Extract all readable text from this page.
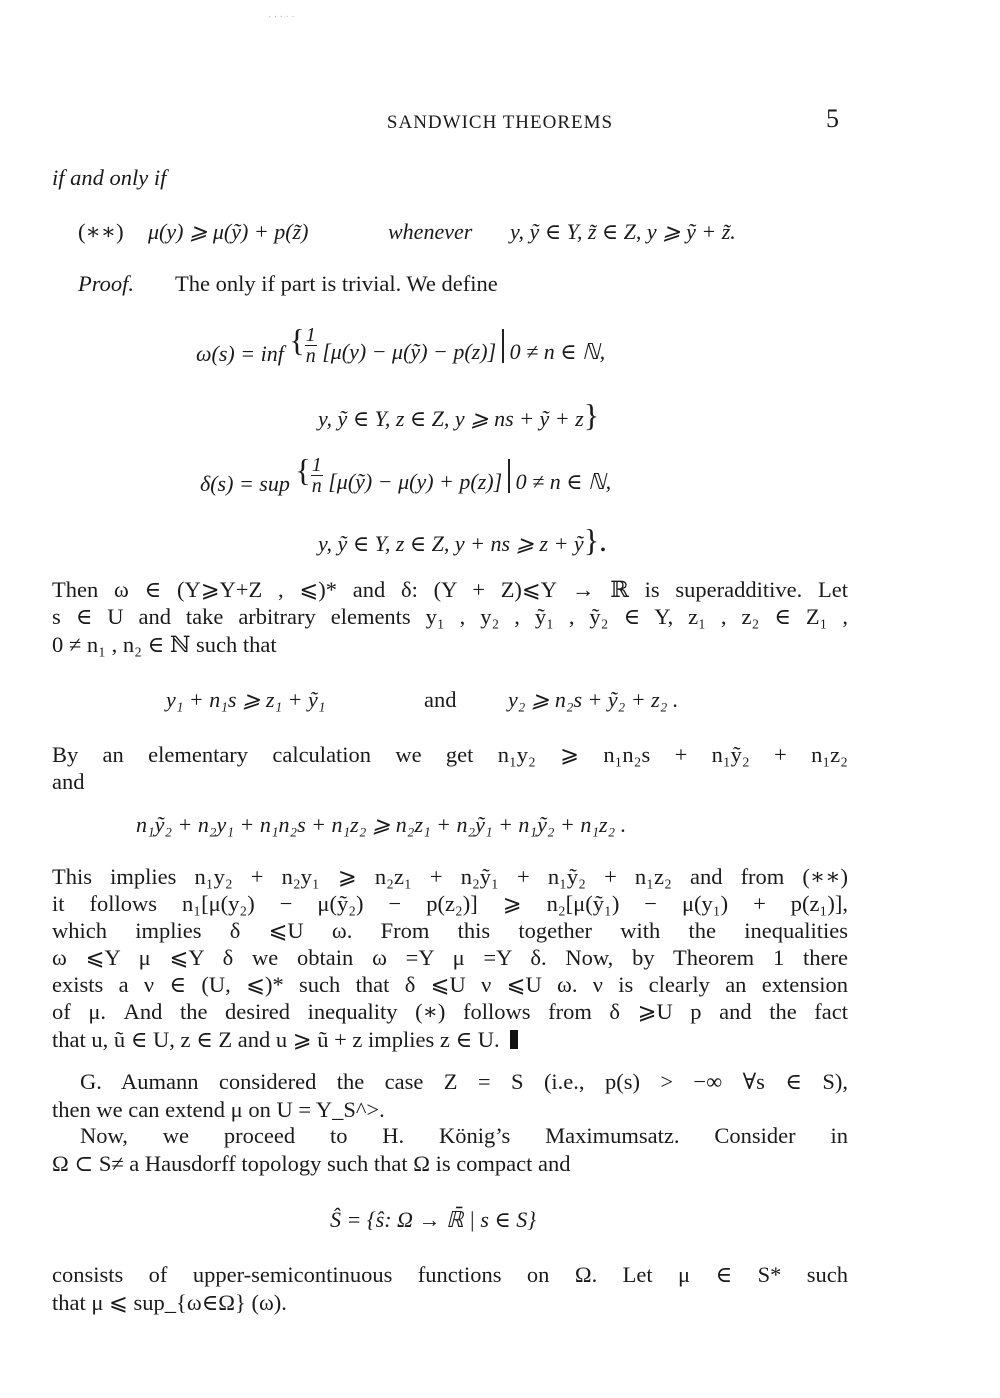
· · · · ·
SANDWICH THEOREMS	5
if and only if
(∗∗) μ(y) ⩾ μ(ỹ) + p(z̃)	whenever y, ỹ ∈ Y, z̃ ∈ Z, y ⩾ ỹ + z̃.
Proof. The only if part is trivial. We define
ω(s) = inf { $\frac{1}{n} [\mu(y)$ − μ(ỹ) − p(z)] 0 ≠ n ∈ ℕ,
y, ỹ ∈ Y, z ∈ Z, y ⩾ ns + ỹ + z}
δ(s) = sup { $\frac{1}{n}$ [μ(ỹ) − μ(y) + p(z)] 0 ≠ n ∈ ℕ,
y, ỹ ∈ Y, z ∈ Z, y + ns ⩾ z + ỹ}.
Then ω ∈ (Y⩾Y+Z , ⩽)* and δ: (Y + Z)⩽Y → ℝ is superadditive. Let
s ∈ U and take arbitrary elements y₁ , y₂ , ỹ₁ , ỹ₂ ∈ Y, z₁ , z₂ ∈ Z₁ ,
0 ≠ n₁ , n₂ ∈ ℕ such that
y₁ + n₁s ⩾ z₁ + ỹ₁	and y₂ ⩾ n₂s + ỹ₂ + z₂ .
By an elementary calculation we get n₁y₂ ⩾ n₁n₂s + n₁ỹ₂ + n₁z₂
and
n₁ỹ₂ + n₂y₁ + n₁n₂s + n₁z₂ ⩾ n₂z₁ + n₂ỹ₁ + n₁ỹ₂ + n₁z₂ .
This implies n₁y₂ + n₂y₁ ⩾ n₂z₁ + n₂ỹ₁ + n₁ỹ₂ + n₁z₂ and from (∗∗)
it follows n₁[μ(y₂) − μ(ỹ₂) − p(z₂)] ⩾ n₂[μ(ỹ₁) − μ(y₁) + p(z₁)],
which implies δ ⩽U ω. From this together with the inequalities
ω ⩽Y μ ⩽Y δ we obtain ω =Y μ =Y δ. Now, by Theorem 1 there
exists a ν ∈ (U, ⩽)* such that δ ⩽U ν ⩽U ω. ν is clearly an extension
of μ. And the desired inequality (∗) follows from δ ⩾U p and the fact
that u, ũ ∈ U, z ∈ Z and u ⩾ ũ + z implies z ∈ U.
G. Aumann considered the case Z = S (i.e., p(s) > −∞ ∀s ∈ S),
then we can extend μ on U = Y_S^>.
Now, we proceed to H. König’s Maximumsatz. Consider in
Ω ⊂ S≠ a Hausdorff topology such that Ω is compact and
Ŝ = {ŝ: Ω → ℝ̄ | s ∈ S}
consists of upper-semicontinuous functions on Ω. Let μ ∈ S* such
that μ ⩽ sup_{ω∈Ω} (ω).
